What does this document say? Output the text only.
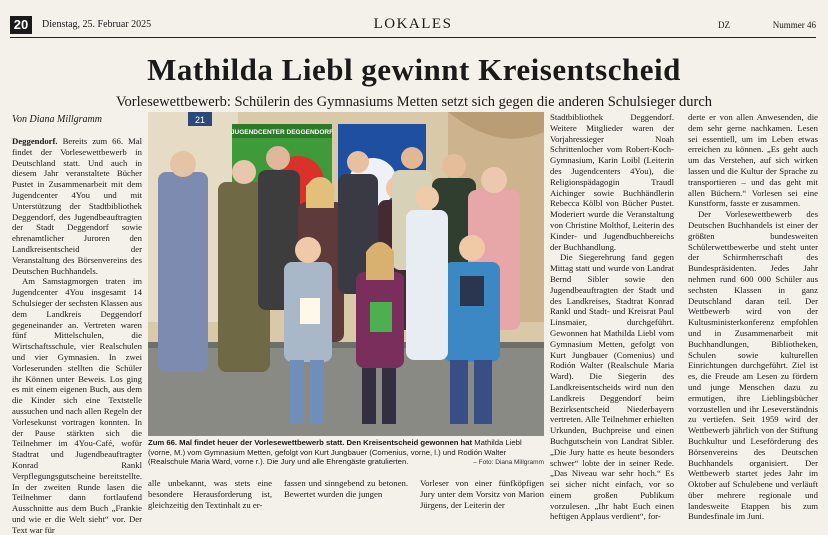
20	Dienstag, 25. Februar 2025	LOKALES	DZ	Nummer 46
Mathilda Liebl gewinnt Kreisentscheid
Vorlesewettbewerb: Schülerin des Gymnasiums Metten setzt sich gegen die anderen Schulsieger durch
Von Diana Millgramm

Deggendorf. Bereits zum 66. Mal findet der Vorlesewettbewerb in Deutschland statt. Und auch in diesem Jahr veranstaltete Bücher Pustet in Zusammenarbeit mit dem Jugendcenter 4You und mit Unterstützung der Stadtbibliothek Deggendorf, des Jugendbeauftragten der Stadt Deggendorf sowie ehrenamtlicher Juroren den Landkreisentscheid der Veranstaltung des Börsenvereins des Deutschen Buchhandels.

Am Samstagmorgen traten im Jugendcenter 4You insgesamt 14 Schulsieger der sechsten Klassen aus dem Landkreis Deggendorf gegeneinander an. Vertreten waren fünf Mittelschulen, die Wirtschaftsschule, vier Realschulen und vier Gymnasien. In zwei Vorleserunden stellten die Schüler ihr Können unter Beweis. Los ging es mit einem eigenen Buch, aus dem die Kinder sich eine Textstelle aussuchen und nach allen Regeln der Vorlesekunst vortragen konnten. In der Pause stärkten sich die Teilnehmer im 4You-Café, wofür Stadtrat und Jugendbeauftragter Konrad Rankl Verpflegungsgutscheine bereitstellte. In der zweiten Runde lasen die Teilnehmer dann fortlaufend Ausschnitte aus dem Buch „Frankie und wie er die Welt sieht“ vor. Der Text war für

21
JUGENDCENTER DEGGENDORF
Zum 66. Mal findet heuer der Vorlesewettbewerb statt. Den Kreisentscheid gewonnen hat Mathilda Liebl (vorne, M.) vom Gymnasium Metten, gefolgt von Kurt Jungbauer (Comenius, vorne, l.) und Rodión Walter (Realschule Maria Ward, vorne r.). Die Jury und alle Ehrengäste gratulierten.	– Foto: Diana Millgramm
alle unbekannt, was stets eine besondere Herausforderung ist, gleichzeitig den Textinhalt zu er-
fassen und sinngebend zu betonen. Bewertet wurden die jungen
Vorleser von einer fünfköpfigen Jury unter dem Vorsitz von Marion Jürgens, der Leiterin der

Stadtbibliothek Deggendorf. Weitere Mitglieder waren der Vorjahressieger Noah Schrittenlocher vom Robert-Koch-Gymnasium, Karin Loibl (Leiterin des Jugendcenters 4You), die Religionspädagogin Traudl Aichinger sowie Buchhändlerin Rebecca Kölbl von Bücher Pustet. Moderiert wurde die Veranstaltung von Christine Molthof, Leiterin des Kinder- und Jugendbuchbereichs der Buchhandlung.

Die Siegerehrung fand gegen Mittag statt und wurde von Landrat Bernd Sibler sowie den Jugendbeauftragten der Stadt und des Landkreises, Stadtrat Konrad Rankl und Stadt- und Kreisrat Paul Linsmaier, durchgeführt. Gewonnen hat Mathilda Liebl vom Gymnasium Metten, gefolgt von Kurt Jungbauer (Comenius) und Rodión Walter (Realschule Maria Ward). Die Siegerin des Landkreisentscheids wird nun den Landkreis Deggendorf beim Bezirksentscheid Niederbayern vertreten. Alle Teilnehmer erhielten Urkunden, Buchpreise und einen Buchgutschein von Landrat Sibler. „Die Jury hatte es heute besonders schwer“ lobte der in seiner Rede. „Das Niveau war sehr hoch.“ Es sei sicher nicht einfach, vor so einem großen Publikum vorzulesen. „Ihr habt Euch einen heftigen Applaus verdient“, for-

derte er von allen Anwesenden, die dem sehr gerne nachkamen. Lesen sei essentiell, um im Leben etwas erreichen zu können. „Es geht auch um das Verstehen, auf sich wirken lassen und die Kultur der Sprache zu transportieren – und das geht mit allen Büchern.“ Vorlesen sei eine Kunstform, fasste er zusammen.

Der Vorlesewettbewerb des Deutschen Buchhandels ist einer der größten bundesweiten Schülerwettbewerbe und steht unter der Schirmherrschaft des Bundespräsidenten. Jedes Jahr nehmen rund 600 000 Schüler aus sechsten Klassen in ganz Deutschland daran teil. Der Wettbewerb wird von der Kultusministerkonferenz empfohlen und in Zusammenarbeit mit Buchhandlungen, Bibliotheken, Schulen sowie kulturellen Einrichtungen durchgeführt. Ziel ist es, die Freude am Lesen zu fördern und junge Menschen dazu zu ermutigen, ihre Lieblingsbücher vorzustellen und ihr Leseverständnis zu vertiefen. Seit 1959 wird der Wettbewerb jährlich von der Stiftung Buchkultur und Leseförderung des Börsenvereins des Deutschen Buchhandels organisiert. Der Wettbewerb startet jedes Jahr im Oktober auf Schulebene und verläuft über mehrere regionale und landesweite Etappen bis zum Bundesfinale im Juni.
